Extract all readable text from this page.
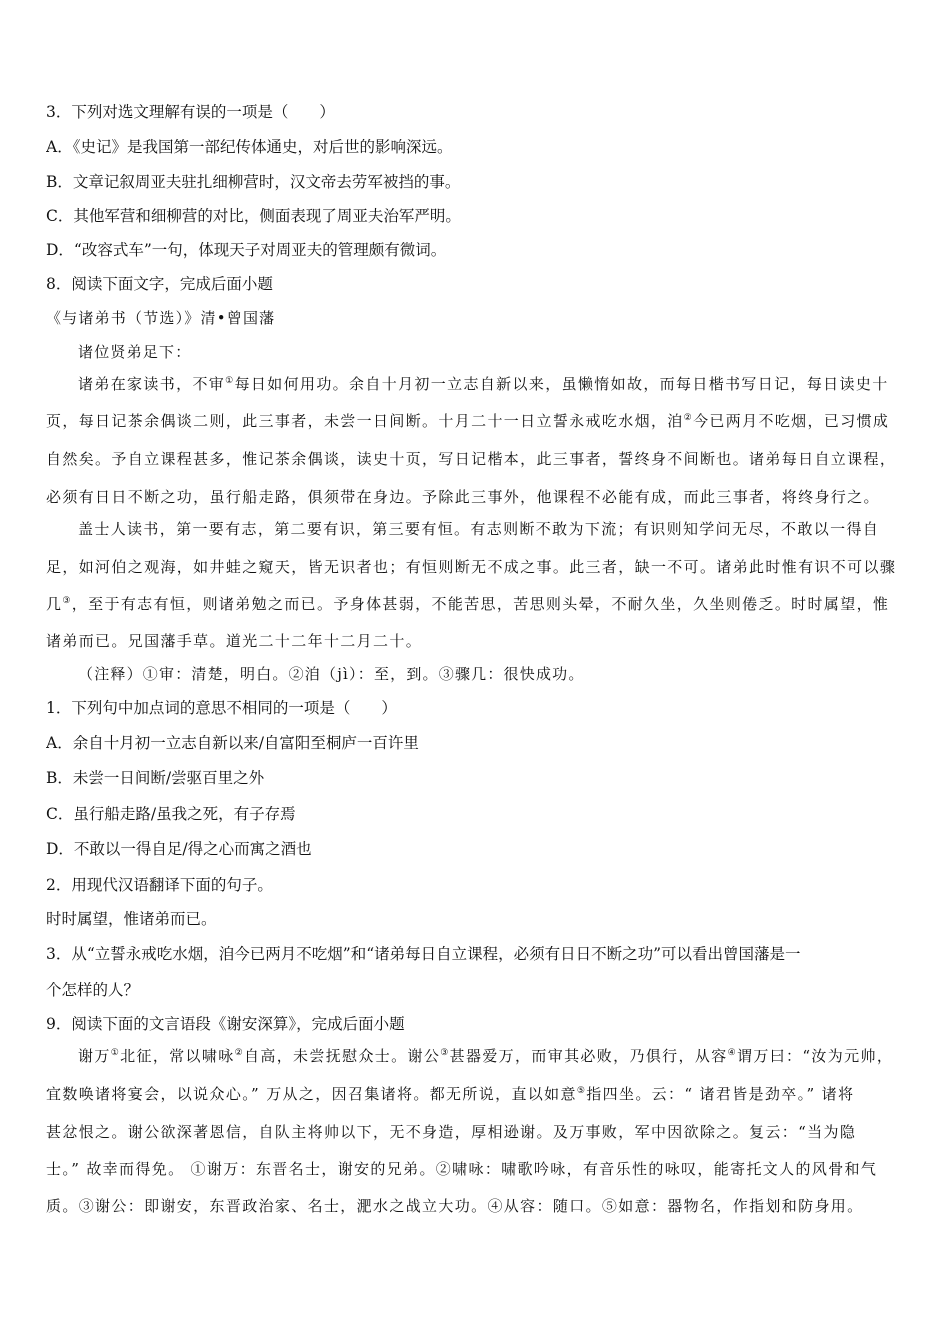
3．下列对选文理解有误的一项是（　　）
A．《史记》是我国第一部纪传体通史，对后世的影响深远。
B．文章记叙周亚夫驻扎细柳营时，汉文帝去劳军被挡的事。
C．其他军营和细柳营的对比，侧面表现了周亚夫治军严明。
D．“改容式车”一句，体现天子对周亚夫的管理颇有微词。
8．阅读下面文字，完成后面小题
《与诸弟书（节选）》清•曾国藩
诸位贤弟足下：
诸弟在家读书，不审①每日如何用功。余自十月初一立志自新以来，虽懒惰如故，而每日楷书写日记，每日读史十
页，每日记茶余偶谈二则，此三事者，未尝一日间断。十月二十一日立誓永戒吃水烟，洎②今已两月不吃烟，已习惯成
自然矣。予自立课程甚多，惟记茶余偶谈，读史十页，写日记楷本，此三事者，誓终身不间断也。诸弟每日自立课程，
必须有日日不断之功，虽行船走路，俱须带在身边。予除此三事外，他课程不必能有成，而此三事者，将终身行之。
盖士人读书，第一要有志，第二要有识，第三要有恒。有志则断不敢为下流；有识则知学问无尽，不敢以一得自
足，如河伯之观海，如井蛙之窥天，皆无识者也；有恒则断无不成之事。此三者，缺一不可。诸弟此时惟有识不可以骤
几③，至于有志有恒，则诸弟勉之而已。予身体甚弱，不能苦思，苦思则头晕，不耐久坐，久坐则倦乏。时时属望，惟
诸弟而已。兄国藩手草。道光二十二年十二月二十。
（注释）①审：清楚，明白。②洎（jì）：至，到。③骤几：很快成功。
1．下列句中加点词的意思不相同的一项是（　　）
A．余自十月初一立志自新以来/自富阳至桐庐一百许里
B．未尝一日间断/尝驱百里之外
C．虽行船走路/虽我之死，有子存焉
D．不敢以一得自足/得之心而寓之酒也
2．用现代汉语翻译下面的句子。
时时属望，惟诸弟而已。
3．从“立誓永戒吃水烟，洎今已两月不吃烟”和“诸弟每日自立课程，必须有日日不断之功”可以看出曾国藩是一
个怎样的人？
9．阅读下面的文言语段《谢安深算》，完成后面小题
谢万①北征，常以啸咏②自高，未尝抚慰众士。谢公③甚器爱万，而审其必败，乃俱行，从容④谓万曰：“汝为元帅，
宜数唤诸将宴会，以说众心。” 万从之，因召集诸将。都无所说，直以如意⑤指四坐。云：“ 诸君皆是劲卒。” 诸将
甚忿恨之。谢公欲深著恩信，自队主将帅以下，无不身造，厚相逊谢。及万事败，军中因欲除之。复云：“当为隐
士。” 故幸而得免。 ①谢万：东晋名士，谢安的兄弟。②啸咏：啸歌吟咏，有音乐性的咏叹，能寄托文人的风骨和气
质。③谢公：即谢安，东晋政治家、名士，淝水之战立大功。④从容：随口。⑤如意：器物名，作指划和防身用。
